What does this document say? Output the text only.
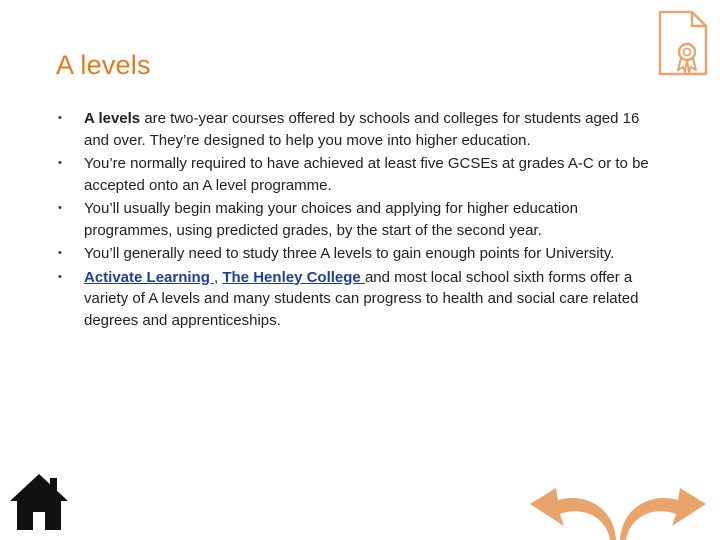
A levels
• A levels are two-year courses offered by schools and colleges for students aged 16 and over. They’re designed to help you move into higher education.
• You’re normally required to have achieved at least five GCSEs at grades A-C or to be accepted onto an A level programme.
• You’ll usually begin making your choices and applying for higher education programmes, using predicted grades, by the start of the second year.
• You’ll generally need to study three A levels to gain enough points for University.
• Activate Learning , The Henley College and most local school sixth forms offer a variety of A levels and many students can progress to health and social care related degrees and apprenticeships.
